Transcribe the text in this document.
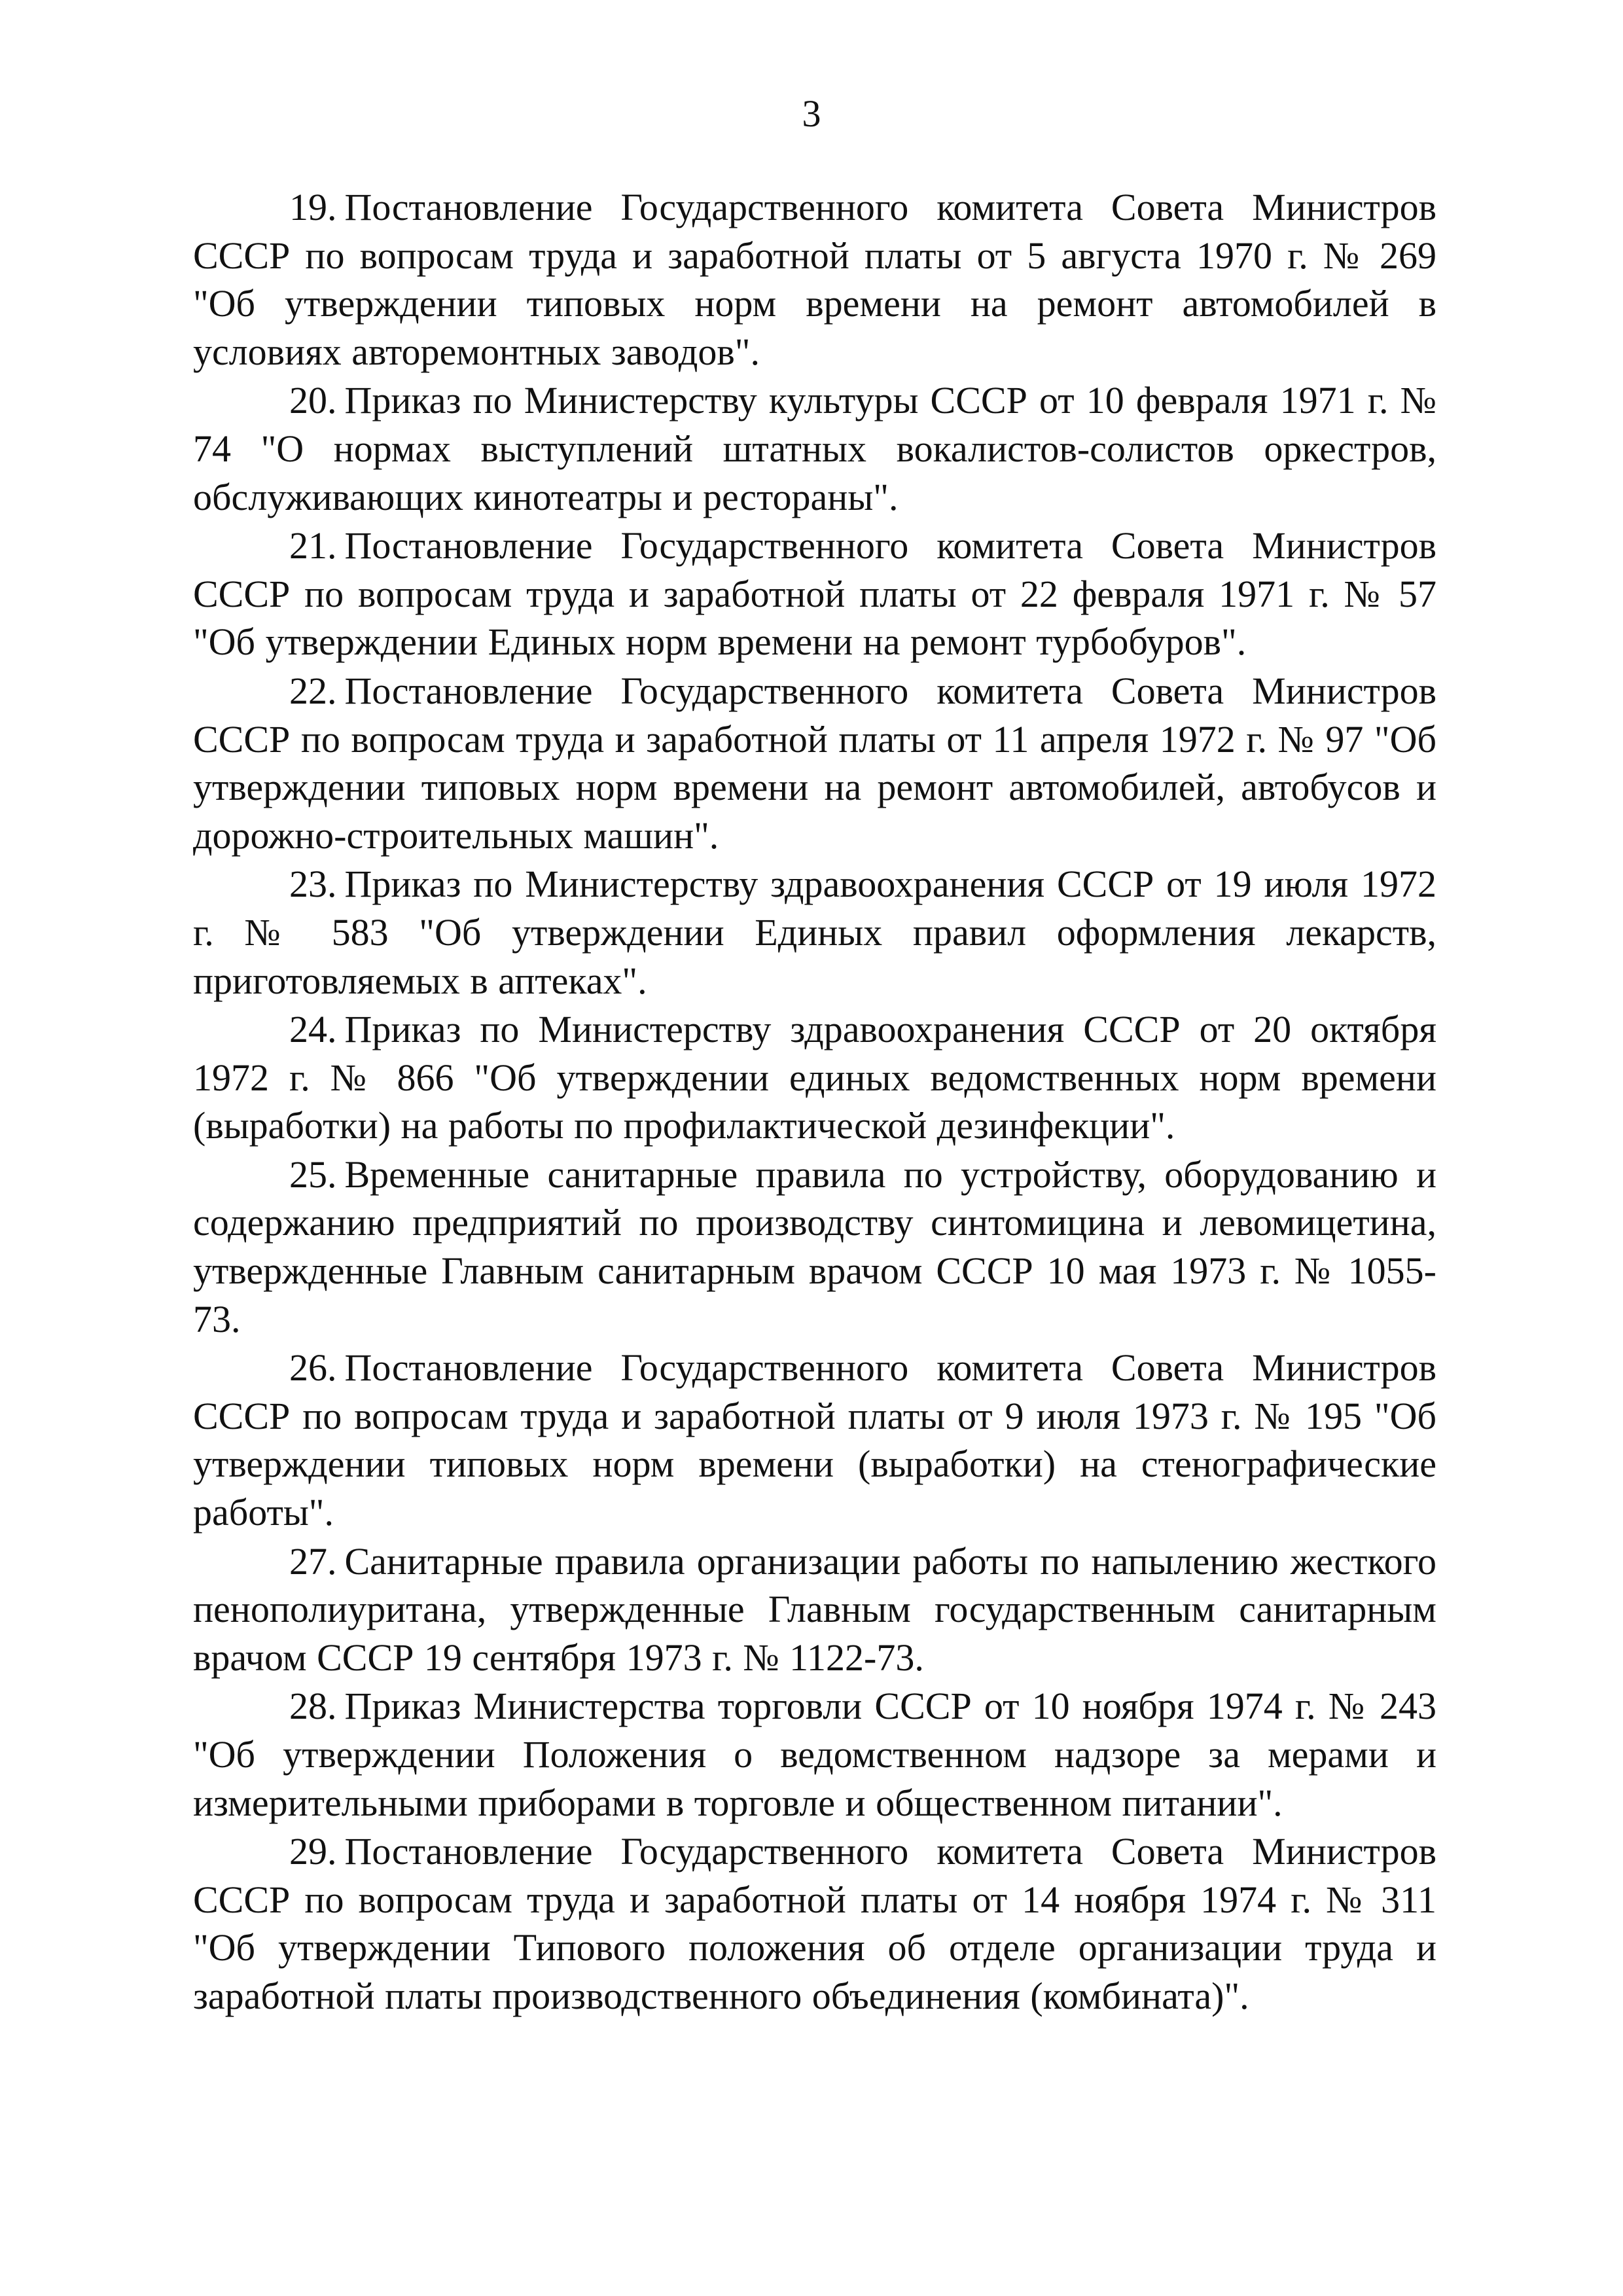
3

19. Постановление Государственного комитета Совета Министров СССР по вопросам труда и заработной платы от 5 августа 1970 г. № 269 "Об утверждении типовых норм времени на ремонт автомобилей в условиях авторемонтных заводов".

20. Приказ по Министерству культуры СССР от 10 февраля 1971 г. № 74 "О нормах выступлений штатных вокалистов-солистов оркестров, обслуживающих кинотеатры и рестораны".

21. Постановление Государственного комитета Совета Министров СССР по вопросам труда и заработной платы от 22 февраля 1971 г. № 57 "Об утверждении Единых норм времени на ремонт турбобуров".

22. Постановление Государственного комитета Совета Министров СССР по вопросам труда и заработной платы от 11 апреля 1972 г. № 97 "Об утверждении типовых норм времени на ремонт автомобилей, автобусов и дорожно-строительных машин".

23. Приказ по Министерству здравоохранения СССР от 19 июля 1972 г. № 583 "Об утверждении Единых правил оформления лекарств, приготовляемых в аптеках".

24. Приказ по Министерству здравоохранения СССР от 20 октября 1972 г. № 866 "Об утверждении единых ведомственных норм времени (выработки) на работы по профилактической дезинфекции".

25. Временные санитарные правила по устройству, оборудованию и содержанию предприятий по производству синтомицина и левомицетина, утвержденные Главным санитарным врачом СССР 10 мая 1973 г. № 1055-73.

26. Постановление Государственного комитета Совета Министров СССР по вопросам труда и заработной платы от 9 июля 1973 г. № 195 "Об утверждении типовых норм времени (выработки) на стенографические работы".

27. Санитарные правила организации работы по напылению жесткого пенополиуритана, утвержденные Главным государственным санитарным врачом СССР 19 сентября 1973 г. № 1122-73.

28. Приказ Министерства торговли СССР от 10 ноября 1974 г. № 243 "Об утверждении Положения о ведомственном надзоре за мерами и измерительными приборами в торговле и общественном питании".

29. Постановление Государственного комитета Совета Министров СССР по вопросам труда и заработной платы от 14 ноября 1974 г. № 311 "Об утверждении Типового положения об отделе организации труда и заработной платы производственного объединения (комбината)".
